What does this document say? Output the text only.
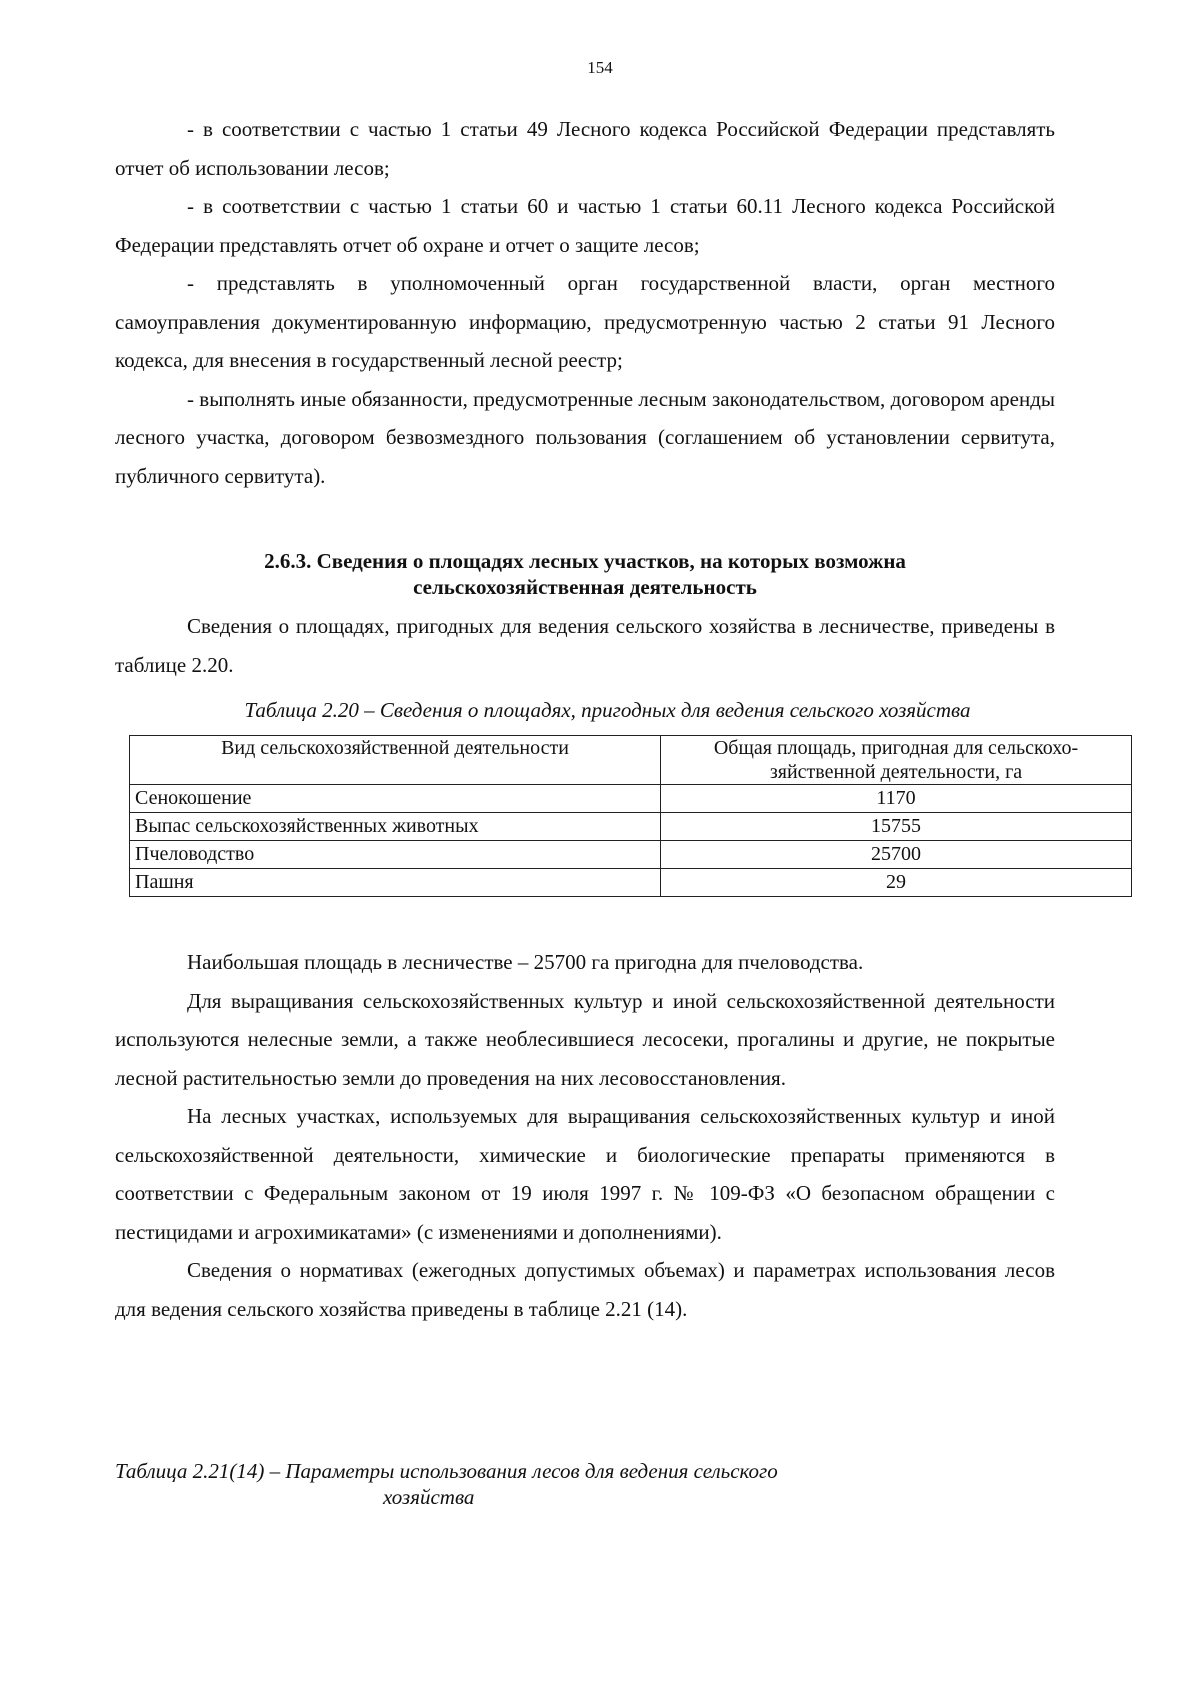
154

- в соответствии с частью 1 статьи 49 Лесного кодекса Российской Федерации представлять отчет об использовании лесов;

- в соответствии с частью 1 статьи 60 и частью 1 статьи 60.11 Лесного кодекса Российской Федерации представлять отчет об охране и отчет о защите лесов;

- представлять в уполномоченный орган государственной власти, орган местного самоуправления документированную информацию, предусмотренную частью 2 статьи 91 Лесного кодекса, для внесения в государственный лесной реестр;

- выполнять иные обязанности, предусмотренные лесным законодательством, договором аренды лесного участка, договором безвозмездного пользования (соглашением об установлении сервитута, публичного сервитута).

2.6.3. Сведения о площадях лесных участков, на которых возможна
сельскохозяйственная деятельность

Сведения о площадях, пригодных для ведения сельского хозяйства в лесничестве, приведены в таблице 2.20.

Таблица 2.20 – Сведения о площадях, пригодных для ведения сельского хозяйства
Вид сельскохозяйственной деятельности	Общая площадь, пригодная для сельскохозяйственной деятельности, га
Сенокошение	1170
Выпас сельскохозяйственных животных	15755
Пчеловодство	25700
Пашня	29

Наибольшая площадь в лесничестве – 25700 га пригодна для пчеловодства.

Для выращивания сельскохозяйственных культур и иной сельскохозяйственной деятельности используются нелесные земли, а также необлесившиеся лесосеки, прогалины и другие, не покрытые лесной растительностью земли до проведения на них лесовосстановления.

На лесных участках, используемых для выращивания сельскохозяйственных культур и иной сельскохозяйственной деятельности, химические и биологические препараты применяются в соответствии с Федеральным законом от 19 июля 1997 г. № 109-ФЗ «О безопасном обращении с пестицидами и агрохимикатами» (с изменениями и дополнениями).

Сведения о нормативах (ежегодных допустимых объемах) и параметрах использования лесов для ведения сельского хозяйства приведены в таблице 2.21 (14).

Таблица 2.21(14) – Параметры использования лесов для ведения сельского
хозяйства
